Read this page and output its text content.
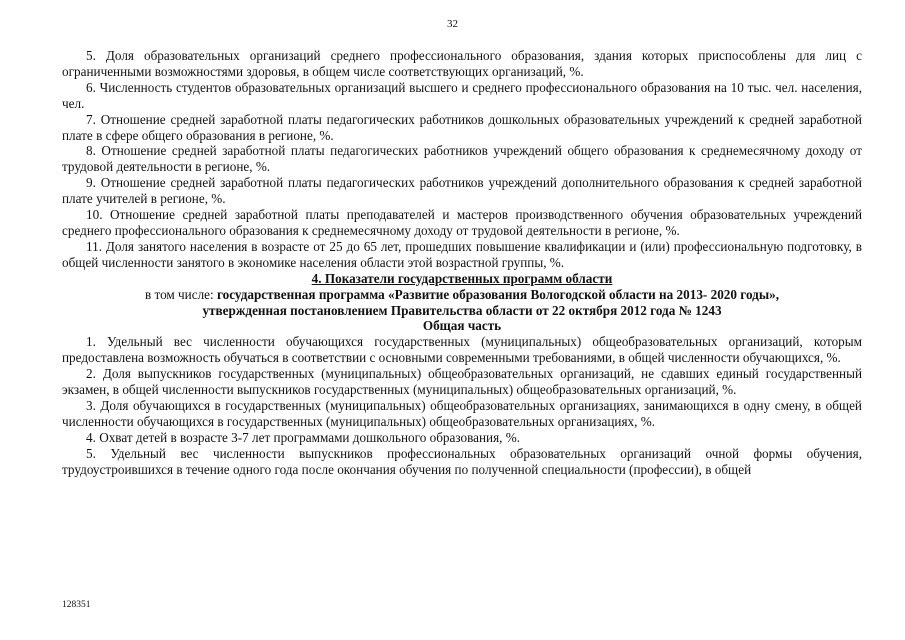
32

5. Доля образовательных организаций среднего профессионального образования, здания которых приспособлены для лиц с ограниченными возможностями здоровья, в общем числе соответствующих организаций, %.

6. Численность студентов образовательных организаций высшего и среднего профессионального образования на 10 тыс. чел. населения, чел.

7. Отношение средней заработной платы педагогических работников дошкольных образовательных учреждений к средней заработной плате в сфере общего образования в регионе, %.

8. Отношение средней заработной платы педагогических работников учреждений общего образования к среднемесячному доходу от трудовой деятельности в регионе, %.

9. Отношение средней заработной платы педагогических работников учреждений дополнительного образования к средней заработной плате учителей в регионе, %.

10. Отношение средней заработной платы преподавателей и мастеров производственного обучения образовательных учреждений среднего профессионального образования к среднемесячному доходу от трудовой деятельности в регионе, %.

11. Доля занятого населения в возрасте от 25 до 65 лет, прошедших повышение квалификации и (или) профессиональную подготовку, в общей численности занятого в экономике населения области этой возрастной группы, %.

4. Показатели государственных программ области

в том числе: государственная программа «Развитие образования Вологодской области на 2013- 2020 годы»,

утвержденная постановлением Правительства области от 22 октября 2012 года № 1243

Общая часть

1. Удельный вес численности обучающихся государственных (муниципальных) общеобразовательных организаций, которым предоставлена возможность обучаться в соответствии с основными современными требованиями, в общей численности обучающихся, %.

2. Доля выпускников государственных (муниципальных) общеобразовательных организаций, не сдавших единый государственный экзамен, в общей численности выпускников государственных (муниципальных) общеобразовательных организаций, %.

3. Доля обучающихся в государственных (муниципальных) общеобразовательных организациях, занимающихся в одну смену, в общей численности обучающихся в государственных (муниципальных) общеобразовательных организациях, %.

4. Охват детей в возрасте 3-7 лет программами дошкольного образования, %.

5. Удельный вес численности выпускников профессиональных образовательных организаций очной формы обучения, трудоустроившихся в течение одного года после окончания обучения по полученной специальности (профессии), в общей

128351
